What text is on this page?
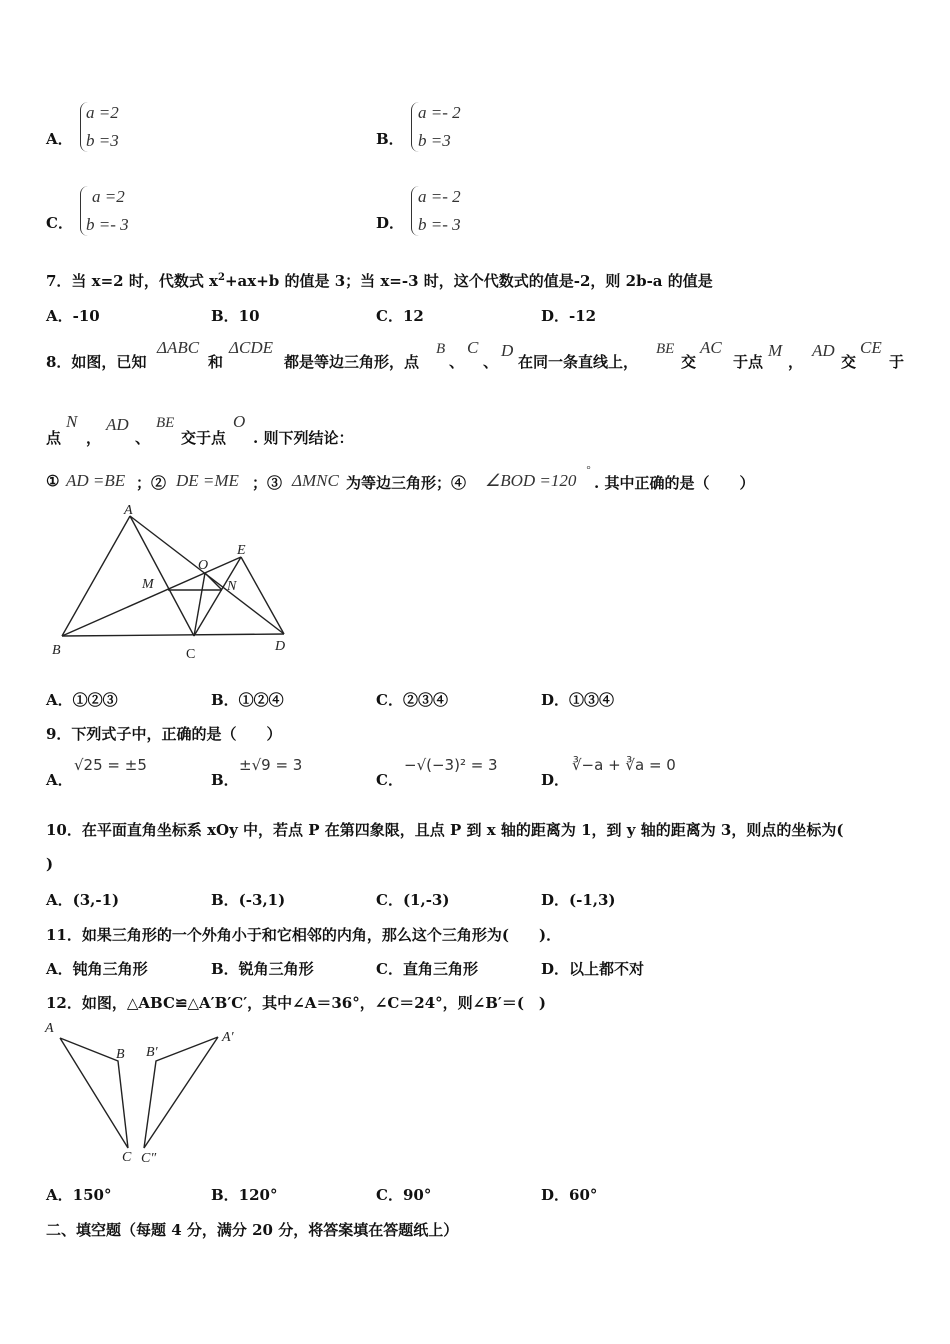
A．
a =2
b =3	B．
a =- 2
b =3
C．
a =2
b =- 3	D．
a =- 2
b =- 3
7．当 x=2 时，代数式 $x^2+ax+b$ 的值是 3；当 x=-3 时，这个代数式的值是-2，则 2b-a 的值是
A．-10	B．10	C．12	D．-12
8．如图，已知
ΔABC
和
ΔCDE
都是等边三角形，点
B
、
C
、
D
在同一条直线上，
BE
交
AC
于点
M
，
AD
交
CE
于
点
N
，
AD
、
BE
交于点
O
. 则下列结论：
① AD =BE ；② DE =ME ；③ ΔMNC 为等边三角形；④ ∠BOD =120
°
. 其中正确的是（　　）
A
B	C
D
E
M	N
O
A．①②③	B．①②④	C．②③④	D．①③④
9．下列式子中，正确的是（　　）
A．
√25 = ±5
B．
±√9 = 3
C．
−√(−3)² = 3
D．
∛−a + ∛a = 0
10．在平面直角坐标系 xOy 中，若点 P 在第四象限，且点 P 到 x 轴的距离为 1，到 y 轴的距离为 3，则点的坐标为(
)
A．(3,-1)	B．(-3,1)	C．(1,-3)	D．(-1,3)
11．如果三角形的一个外角小于和它相邻的内角，那么这个三角形为(　　)．
A．钝角三角形	B．锐角三角形	C．直角三角形	D．以上都不对
12．如图，△ABC≌△A′B′C′，其中∠A＝36°，∠C＝24°，则∠B′＝(　)
A
B
C
A′
B′
C″
A．150°	B．120°	C．90°	D．60°
二、填空题（每题 4 分，满分 20 分，将答案填在答题纸上）
